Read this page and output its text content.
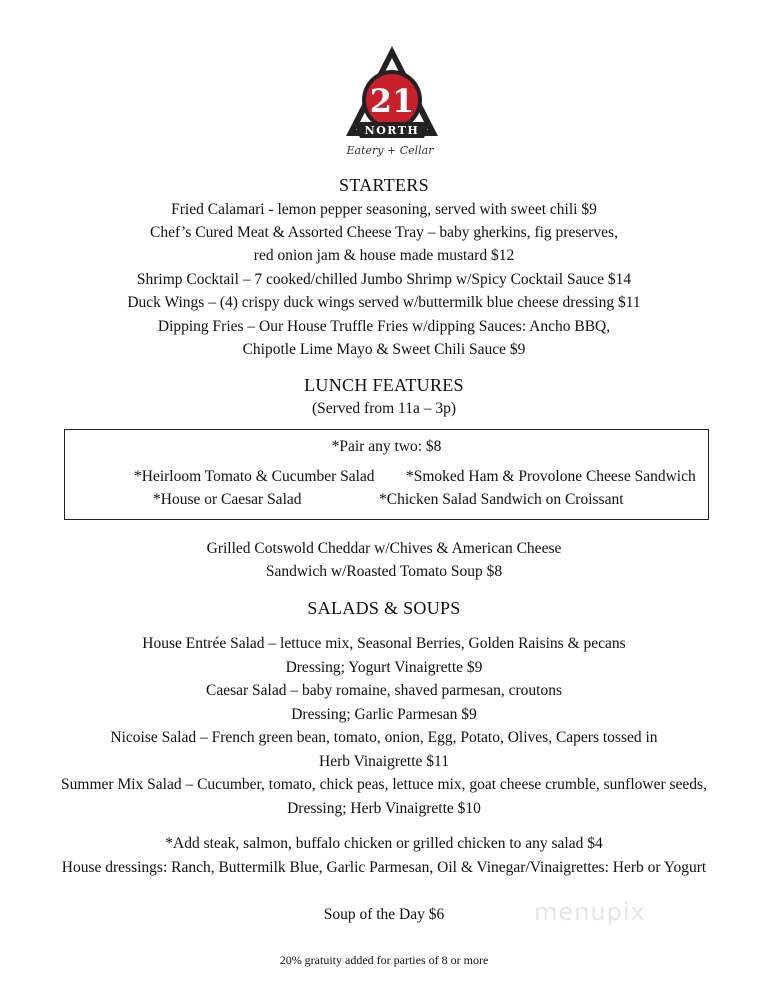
21
NORTH
Eatery + Cellar
STARTERS
Fried Calamari - lemon pepper seasoning, served with sweet chili $9
Chef’s Cured Meat & Assorted Cheese Tray – baby gherkins, fig preserves,
red onion jam & house made mustard $12
Shrimp Cocktail – 7 cooked/chilled Jumbo Shrimp w/Spicy Cocktail Sauce $14
Duck Wings – (4) crispy duck wings served w/buttermilk blue cheese dressing $11
Dipping Fries – Our House Truffle Fries w/dipping Sauces: Ancho BBQ,
Chipotle Lime Mayo & Sweet Chili Sauce $9
LUNCH FEATURES
(Served from 11a – 3p)
*Pair any two: $8
*Heirloom Tomato & Cucumber Salad *Smoked Ham & Provolone Cheese Sandwich
*House or Caesar Salad	*Chicken Salad Sandwich on Croissant
Grilled Cotswold Cheddar w/Chives & American Cheese
Sandwich w/Roasted Tomato Soup $8
SALADS & SOUPS
House Entrée Salad – lettuce mix, Seasonal Berries, Golden Raisins & pecans
Dressing; Yogurt Vinaigrette $9
Caesar Salad – baby romaine, shaved parmesan, croutons
Dressing; Garlic Parmesan $9
Nicoise Salad – French green bean, tomato, onion, Egg, Potato, Olives, Capers tossed in
Herb Vinaigrette $11
Summer Mix Salad – Cucumber, tomato, chick peas, lettuce mix, goat cheese crumble, sunflower seeds,
Dressing; Herb Vinaigrette $10
*Add steak, salmon, buffalo chicken or grilled chicken to any salad $4
House dressings: Ranch, Buttermilk Blue, Garlic Parmesan, Oil & Vinegar/Vinaigrettes: Herb or Yogurt
Soup of the Day $6
20% gratuity added for parties of 8 or more
menupix
